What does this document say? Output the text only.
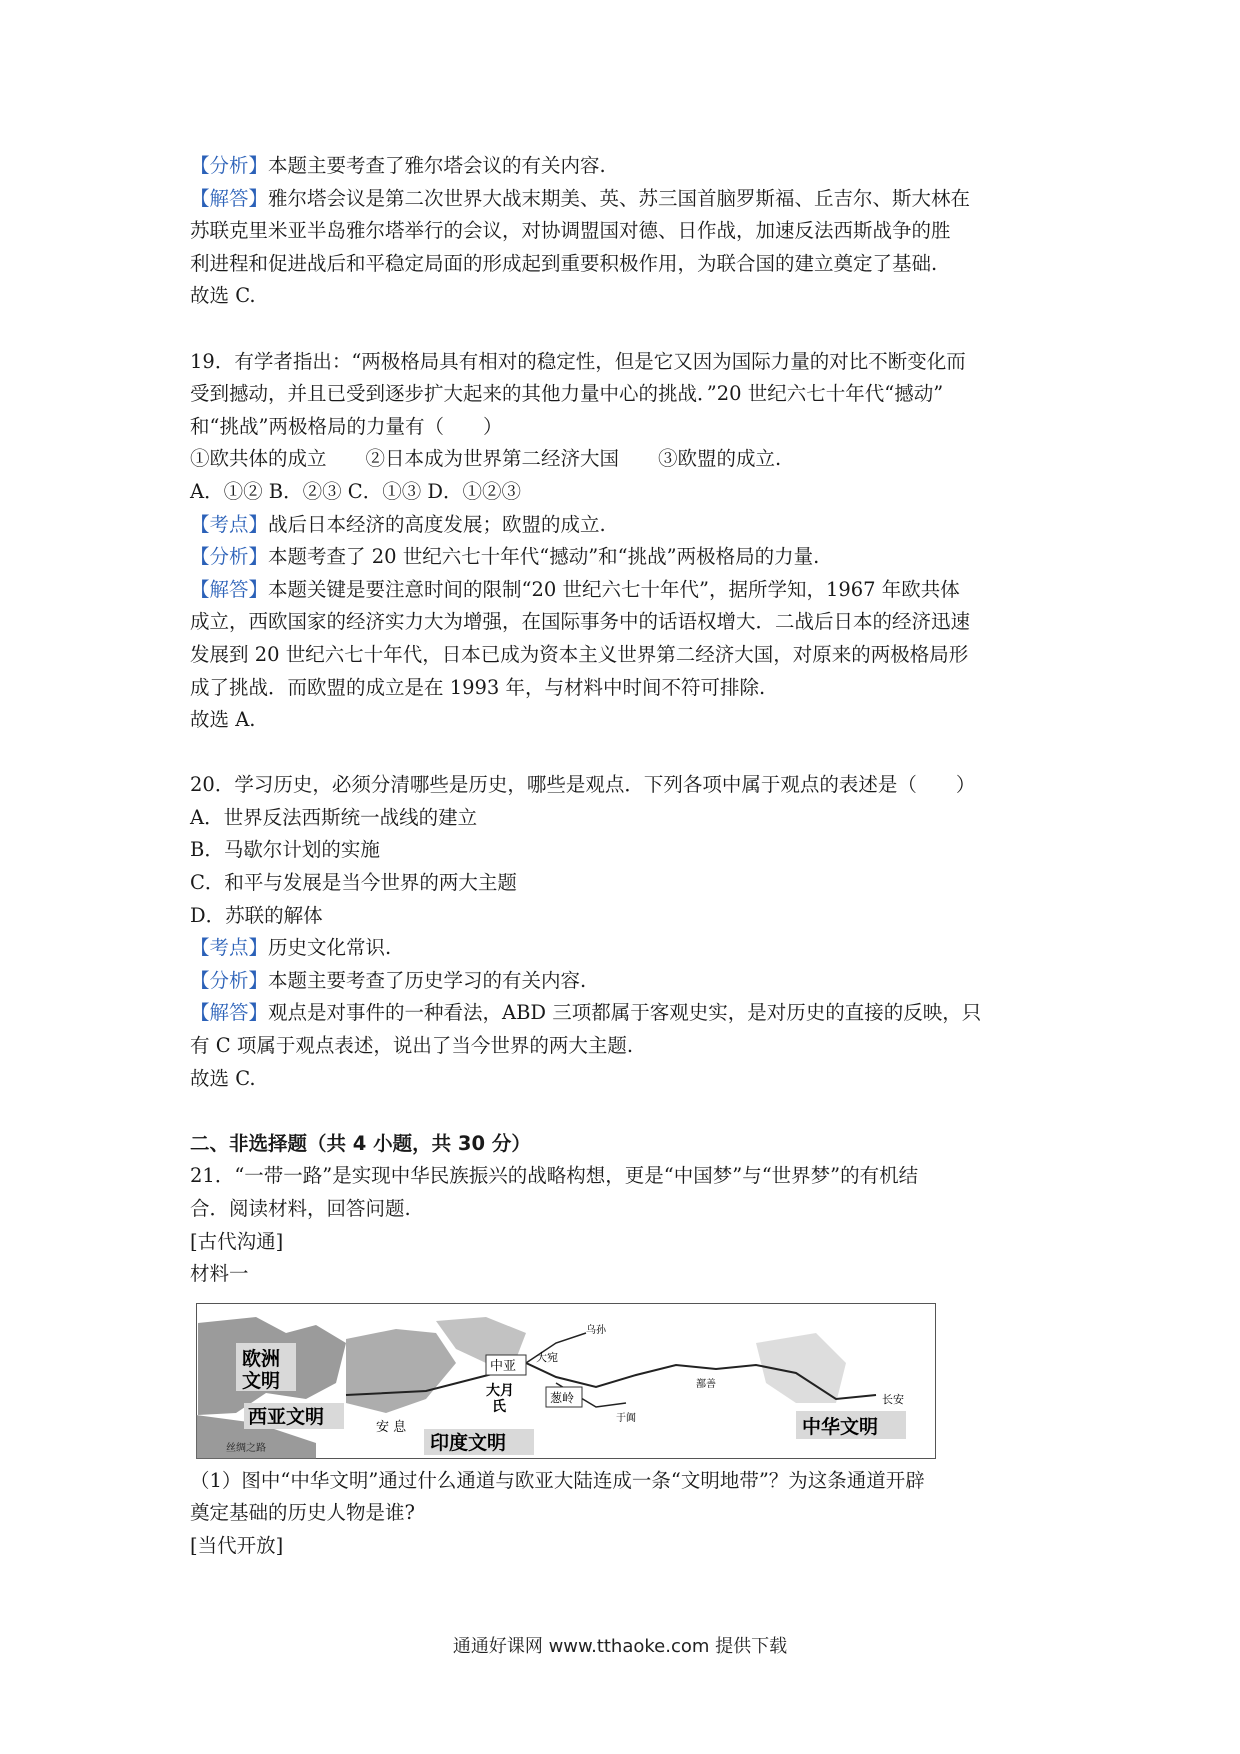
【分析】本题主要考查了雅尔塔会议的有关内容.
【解答】雅尔塔会议是第二次世界大战末期美、英、苏三国首脑罗斯福、丘吉尔、斯大林在
苏联克里米亚半岛雅尔塔举行的会议，对协调盟国对德、日作战，加速反法西斯战争的胜
利进程和促进战后和平稳定局面的形成起到重要积极作用，为联合国的建立奠定了基础.
故选 C.
19．有学者指出：“两极格局具有相对的稳定性，但是它又因为国际力量的对比不断变化而
受到撼动，并且已受到逐步扩大起来的其他力量中心的挑战．”20 世纪六七十年代“撼动”
和“挑战”两极格局的力量有（　　）
①欧共体的成立　　②日本成为世界第二经济大国　　③欧盟的成立.
A．①② B．②③ C．①③ D．①②③
【考点】战后日本经济的高度发展；欧盟的成立.
【分析】本题考查了 20 世纪六七十年代“撼动”和“挑战”两极格局的力量.
【解答】本题关键是要注意时间的限制“20 世纪六七十年代”，据所学知，1967 年欧共体
成立，西欧国家的经济实力大为增强，在国际事务中的话语权增大．二战后日本的经济迅速
发展到 20 世纪六七十年代，日本已成为资本主义世界第二经济大国，对原来的两极格局形
成了挑战．而欧盟的成立是在 1993 年，与材料中时间不符可排除.
故选 A.
20．学习历史，必须分清哪些是历史，哪些是观点．下列各项中属于观点的表述是（　　）
A．世界反法西斯统一战线的建立
B．马歇尔计划的实施
C．和平与发展是当今世界的两大主题
D．苏联的解体
【考点】历史文化常识.
【分析】本题主要考查了历史学习的有关内容.
【解答】观点是对事件的一种看法，ABD 三项都属于客观史实，是对历史的直接的反映，只
有 C 项属于观点表述，说出了当今世界的两大主题.
故选 C.
二、非选择题（共 4 小题，共 30 分）
21．“一带一路”是实现中华民族振兴的战略构想，更是“中国梦”与“世界梦”的有机结
合．阅读材料，回答问题.
[古代沟通]
材料一
欧洲
文明
西亚文明
印度文明
中华文明
中亚
大宛
大月
氏
葱岭
安 息
乌孙
于阗
鄯善
长安
丝绸之路
（1）图中“中华文明”通过什么通道与欧亚大陆连成一条“文明地带”？为这条通道开辟
奠定基础的历史人物是谁?
[当代开放]
通通好课网 www.tthaoke.com 提供下载
